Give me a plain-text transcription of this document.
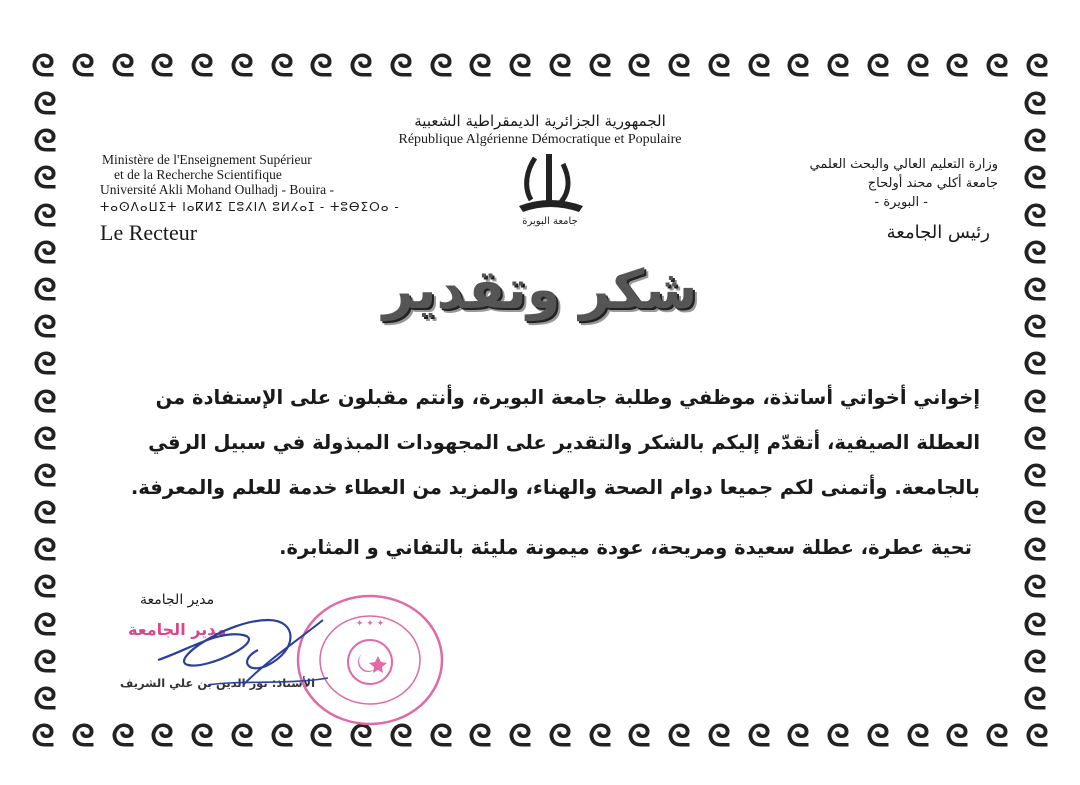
ᘓ ᘓ ᘓ ᘓ ᘓ ᘓ ᘓ ᘓ ᘓ ᘓ ᘓ ᘓ ᘓ ᘓ ᘓ ᘓ ᘓ ᘓ ᘓ ᘓ ᘓ ᘓ ᘓ ᘓ ᘓ ᘓ
ᘓ ᘓ ᘓ ᘓ ᘓ ᘓ ᘓ ᘓ ᘓ ᘓ ᘓ ᘓ ᘓ ᘓ ᘓ ᘓ ᘓ ᘓ ᘓ ᘓ ᘓ ᘓ ᘓ ᘓ ᘓ ᘓ
ᘓ
ᘓ
ᘓ
ᘓ
ᘓ
ᘓ
ᘓ
ᘓ
ᘓ
ᘓ
ᘓ
ᘓ
ᘓ
ᘓ
ᘓ
ᘓ
ᘓ
ᘓ
ᘓ
ᘓ
ᘓ
ᘓ
ᘓ
ᘓ
ᘓ
ᘓ
ᘓ
ᘓ
ᘓ
ᘓ
ᘓ
ᘓ
ᘓ
ᘓ
الجمهورية الجزائرية الديمقراطية الشعبية
République Algérienne Démocratique et Populaire
Ministère de l'Enseignement Supérieur
et de la Recherche Scientifique
Université Akli Mohand Oulhadj - Bouira -
ⵜⴰⵙⴷⴰⵡⵉⵜ ⵏⴰⴽⵍⵉ ⵎⵓⵃⵏⴷ ⵓⵍⵃⴰⵊ - ⵜⵓⴱⵉⵔⴰ -
Le Recteur
وزارة التعليم العالي والبحث العلمي
جامعة أكلي محند أولحاج
- البويرة -
رئيس الجامعة
جامعة البويرة
شكر وتقدير

إخواني أخواتي أساتذة، موظفي وطلبة جامعة البويرة، وأنتم مقبلون على الإستفادة من

العطلة الصيفية، أتقدّم إليكم بالشكر والتقدير على المجهودات المبذولة في سبيل الرقي

بالجامعة. وأتمنى لكم جميعا دوام الصحة والهناء، والمزيد من العطاء خدمة للعلم والمعرفة.

تحية عطرة، عطلة سعيدة ومريحة، عودة ميمونة مليئة بالتفاني و المثابرة.
مدير الجامعة
مدير الجامعة
الأستاذ: نور الدين بن علي الشريف
✦ ✦ ✦
